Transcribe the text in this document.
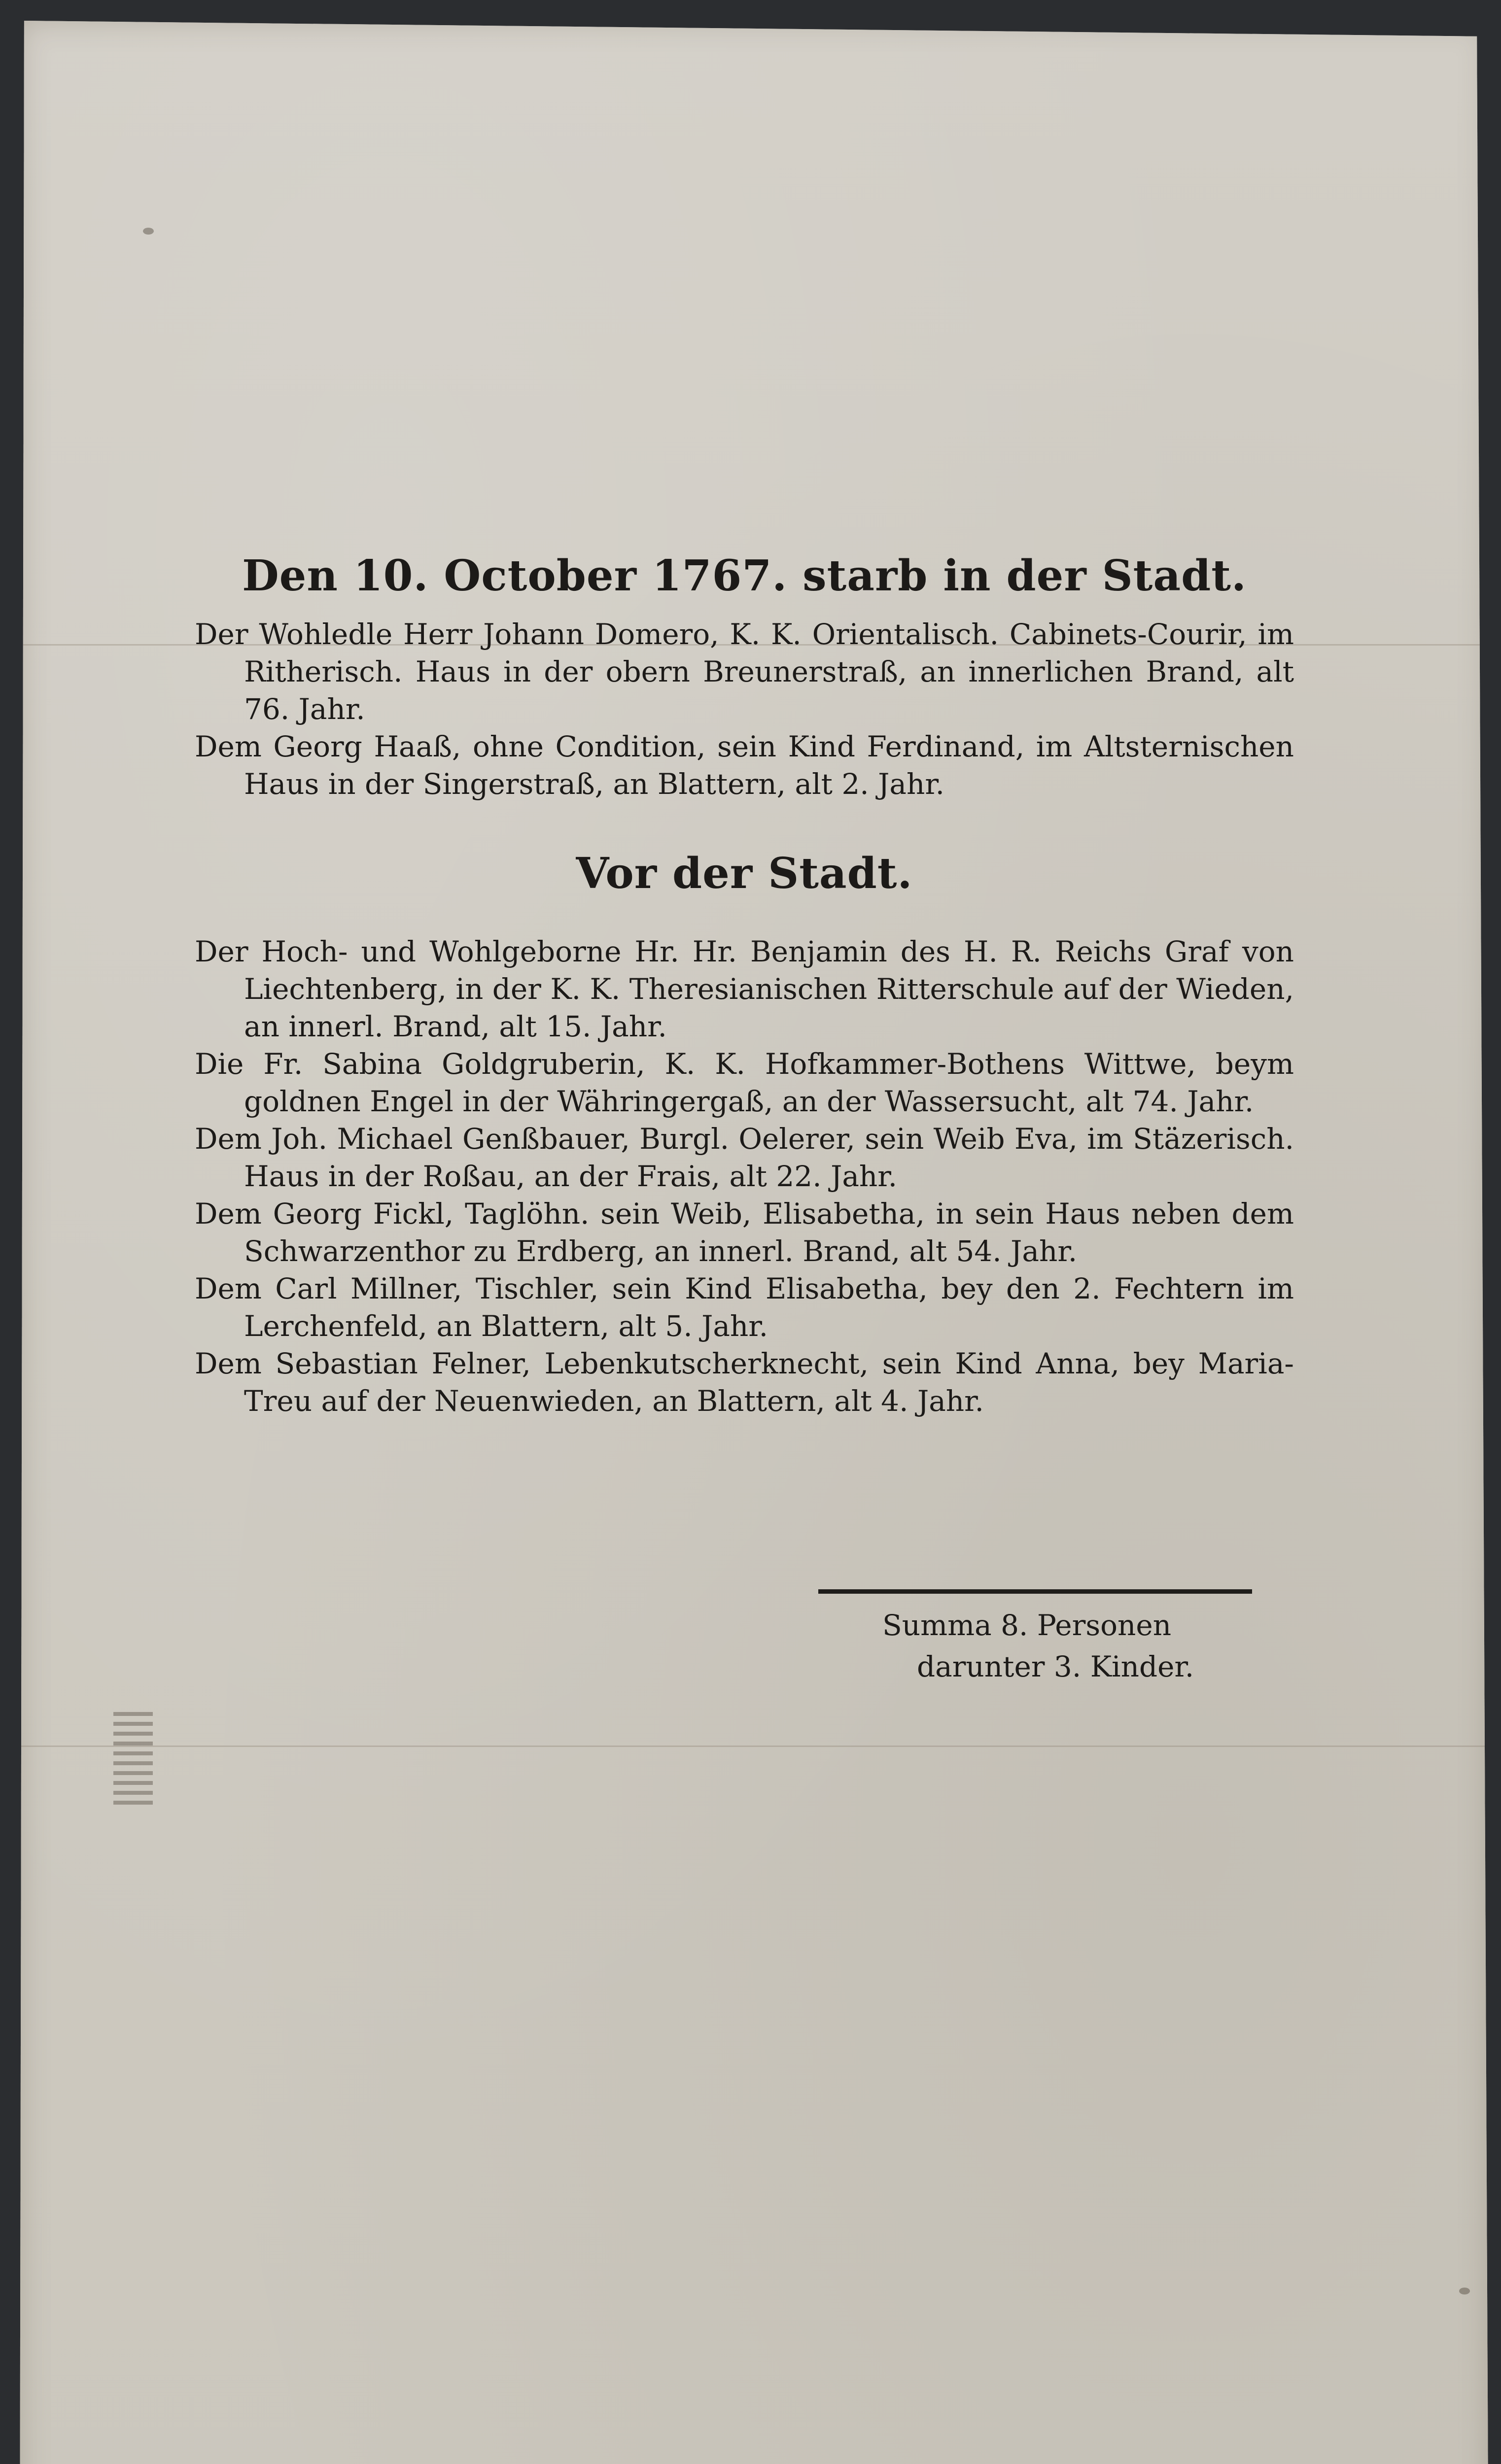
Den 10. October 1767. starb in der Stadt.

Der Wohledle Herr Johann Domero, K. K. Orientalisch. Cabinets-Courir, im Ritherisch. Haus in der obern Breunerstraß, an innerlichen Brand, alt 76. Jahr.

Dem Georg Haaß, ohne Condition, sein Kind Ferdinand, im Altsternischen Haus in der Singerstraß, an Blattern, alt 2. Jahr.

Vor der Stadt.

Der Hoch- und Wohlgeborne Hr. Hr. Benjamin des H. R. Reichs Graf von Liechtenberg, in der K. K. Theresianischen Ritterschule auf der Wieden, an innerl. Brand, alt 15. Jahr.

Die Fr. Sabina Goldgruberin, K. K. Hofkammer-Bothens Wittwe, beym goldnen Engel in der Währingergaß, an der Wassersucht, alt 74. Jahr.

Dem Joh. Michael Genßbauer, Burgl. Oelerer, sein Weib Eva, im Stäzerisch. Haus in der Roßau, an der Frais, alt 22. Jahr.

Dem Georg Fickl, Taglöhn. sein Weib, Elisabetha, in sein Haus neben dem Schwarzenthor zu Erdberg, an innerl. Brand, alt 54. Jahr.

Dem Carl Millner, Tischler, sein Kind Elisabetha, bey den 2. Fechtern im Lerchenfeld, an Blattern, alt 5. Jahr.

Dem Sebastian Felner, Lebenkutscherknecht, sein Kind Anna, bey Maria-Treu auf der Neuenwieden, an Blattern, alt 4. Jahr.

Summa 8. Personen

darunter 3. Kinder.
